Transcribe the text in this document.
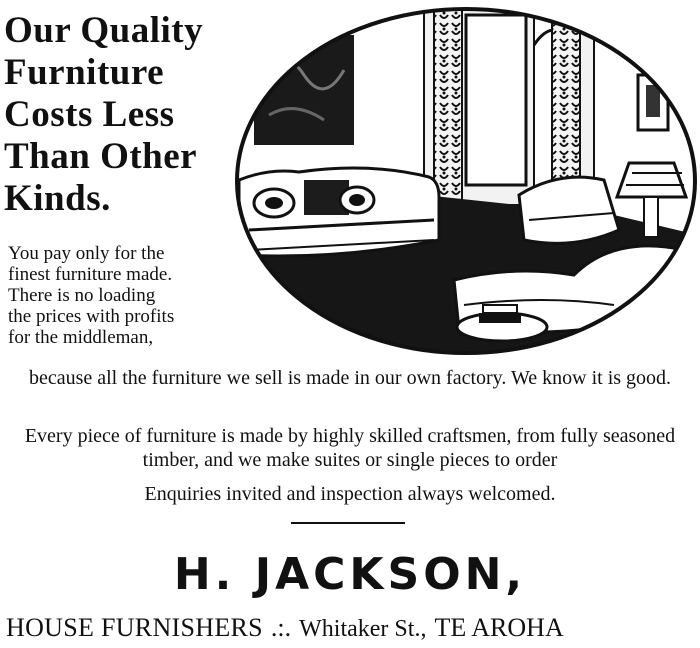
Our Quality
Furniture
Costs Less
Than Other
Kinds.
You pay only for the
finest furniture made.
There is no loading
the prices with profits
for the middleman,
because all the furniture we sell is made in our own factory. We know it is good.
Every piece of furniture is made by highly skilled craftsmen, from fully seasoned timber, and we make suites or single pieces to order
Enquiries invited and inspection always welcomed.
H. JACKSON,
HOUSE FURNISHERS .:. Whitaker St., TE AROHA
